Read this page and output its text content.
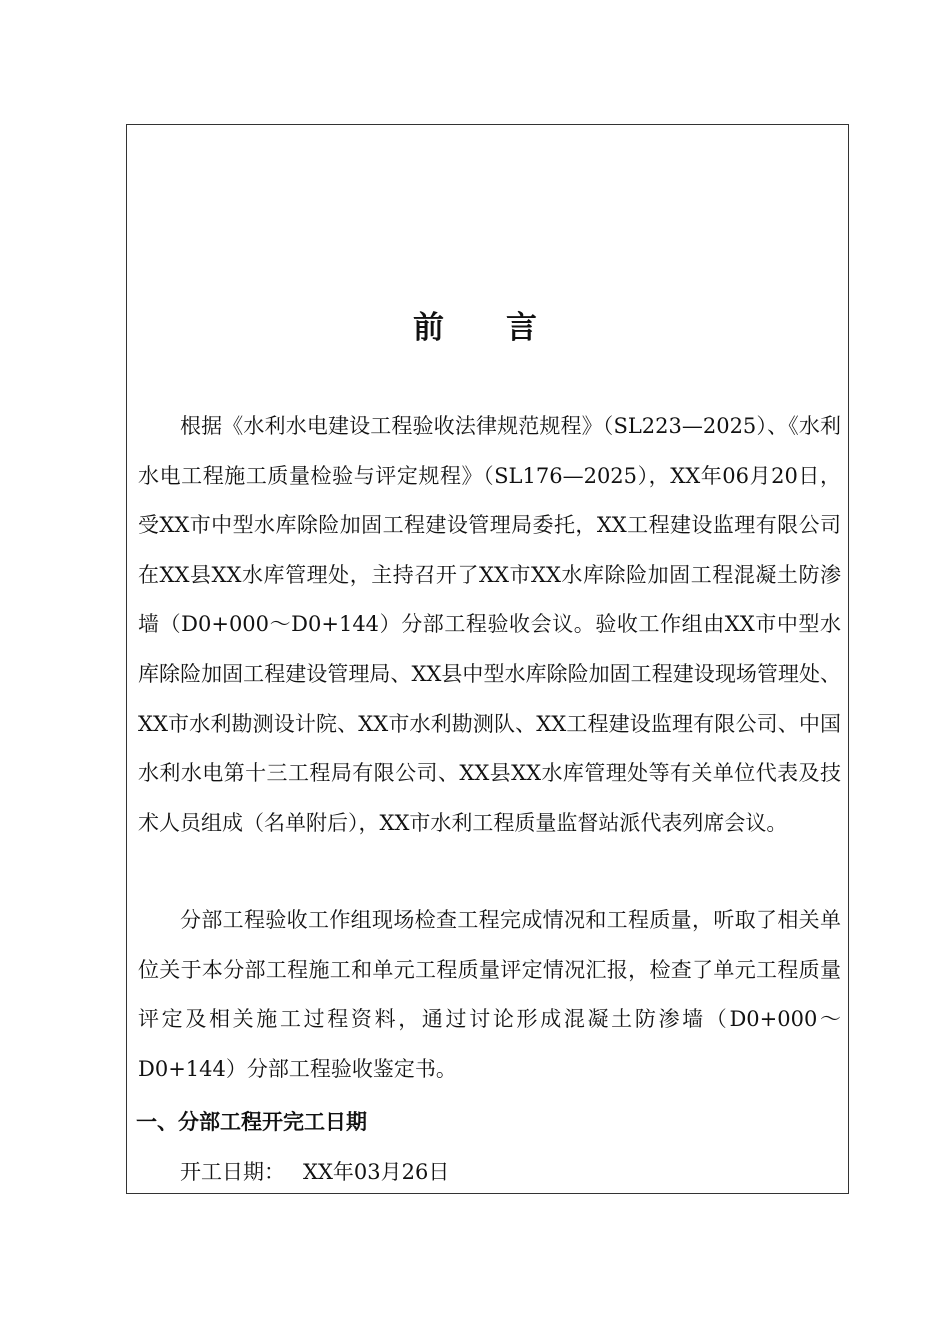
前 言

根据《水利水电建设工程验收法律规范规程》（SL223—2025）、《水利水电工程施工质量检验与评定规程》（SL176—2025），XX年06月20日，受XX市中型水库除险加固工程建设管理局委托，XX工程建设监理有限公司在XX县XX水库管理处，主持召开了XX市XX水库除险加固工程混凝土防渗墙（D0+000～D0+144）分部工程验收会议。验收工作组由XX市中型水库除险加固工程建设管理局、XX县中型水库除险加固工程建设现场管理处、XX市水利勘测设计院、XX市水利勘测队、XX工程建设监理有限公司、中国水利水电第十三工程局有限公司、XX县XX水库管理处等有关单位代表及技术人员组成（名单附后），XX市水利工程质量监督站派代表列席会议。

分部工程验收工作组现场检查工程完成情况和工程质量，听取了相关单位关于本分部工程施工和单元工程质量评定情况汇报，检查了单元工程质量评定及相关施工过程资料，通过讨论形成混凝土防渗墙（D0+000～D0+144）分部工程验收鉴定书。

一、分部工程开完工日期

开工日期： XX年03月26日
